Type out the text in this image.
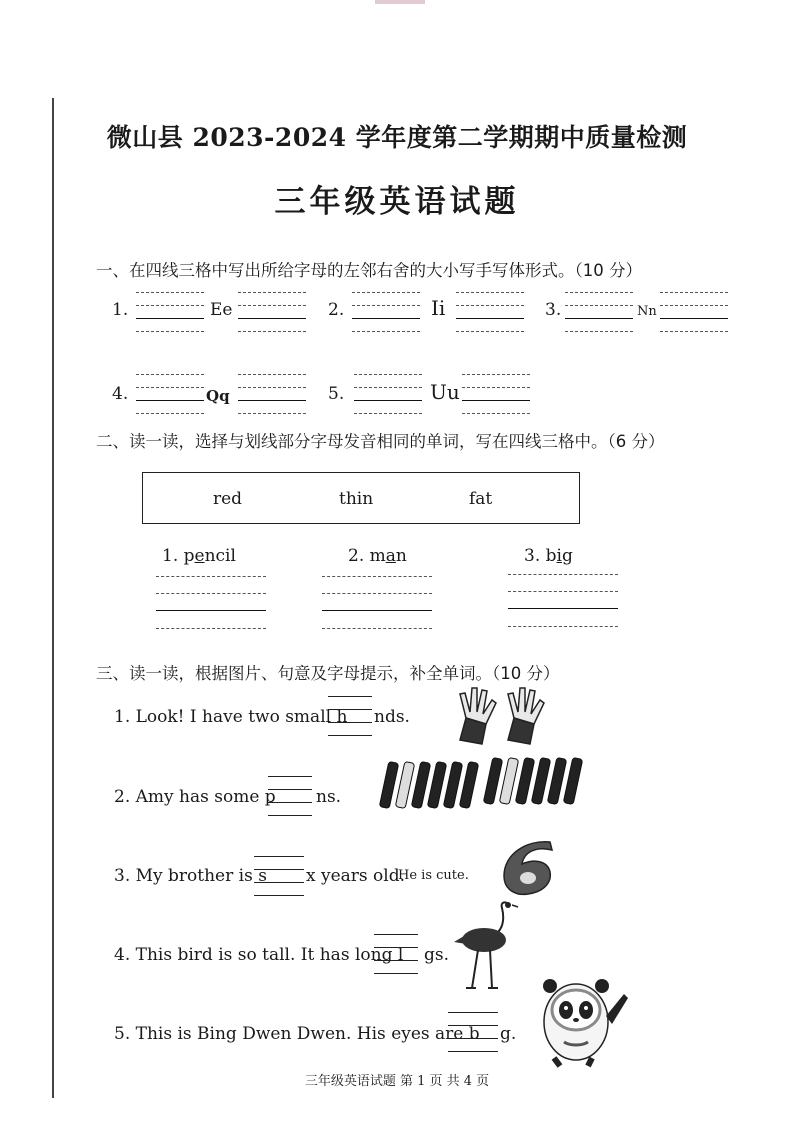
微山县 2023-2024 学年度第二学期期中质量检测
三年级英语试题
一、在四线三格中写出所给字母的左邻右舍的大小写手写体形式。（10 分）
1.	Ee	2.	Ii	3.	Nn
4.	Qq	5.	Uu
二、读一读，选择与划线部分字母发音相同的单词，写在四线三格中。（6 分）
red	thin	fat
1. pencil	2. man	3. big
三、读一读，根据图片、句意及字母提示，补全单词。（10 分）
1. Look! I have two small h nds.
2. Amy has some p ns.
3. My brother is s x years old.
He is cute.
4. This bird is so tall. It has long l gs.
5. This is Bing Dwen Dwen. His eyes are b g.
三年级英语试题 第 1 页 共 4 页
